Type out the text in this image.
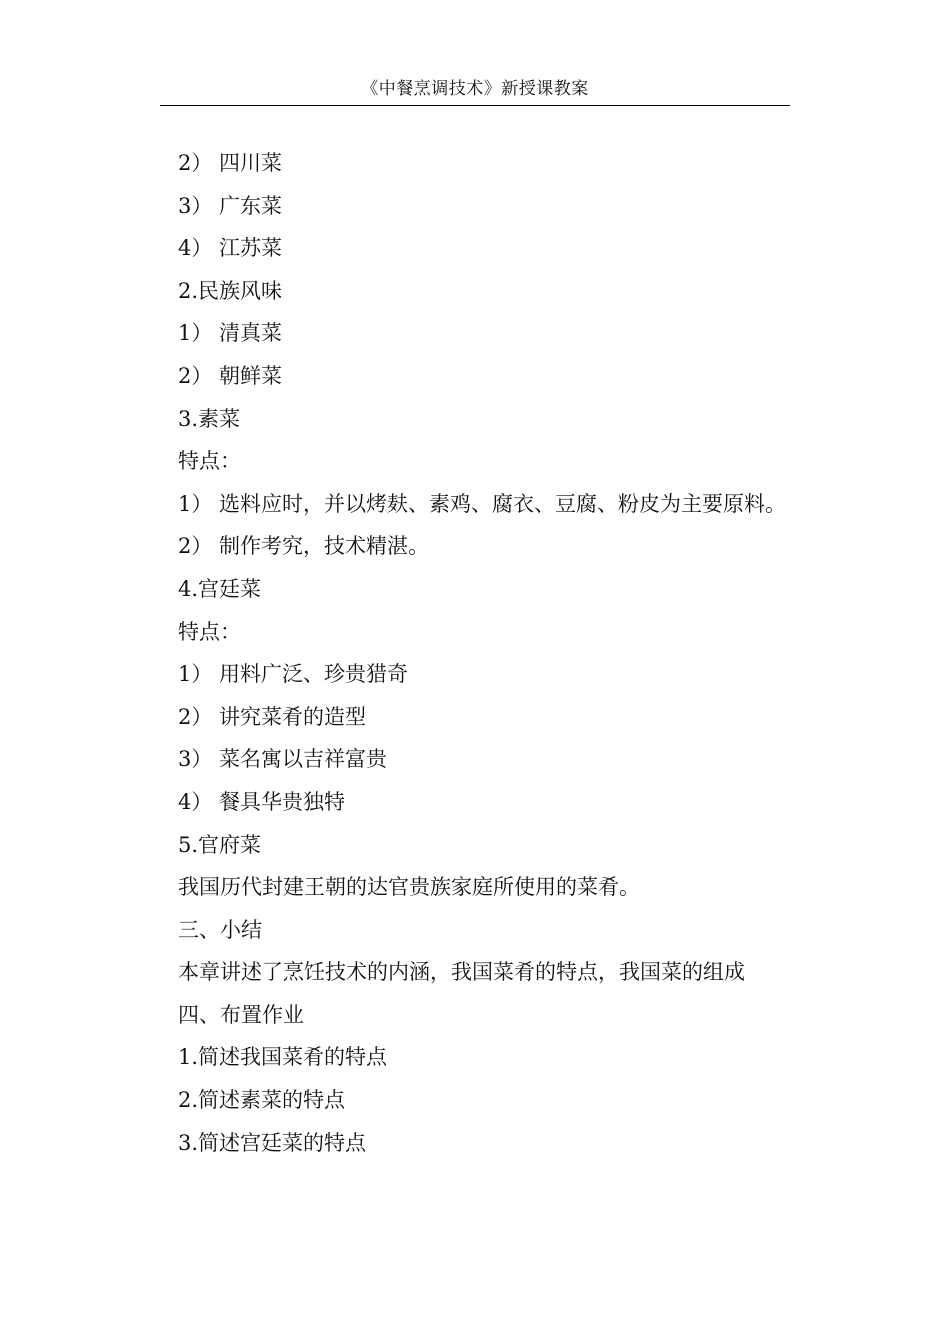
《中餐烹调技术》新授课教案
2） 四川菜
3） 广东菜
4） 江苏菜
2.民族风味
1） 清真菜
2） 朝鲜菜
3.素菜
特点：
1） 选料应时，并以烤麸、素鸡、腐衣、豆腐、粉皮为主要原料。
2） 制作考究，技术精湛。
4.宫廷菜
特点：
1） 用料广泛、珍贵猎奇
2） 讲究菜肴的造型
3） 菜名寓以吉祥富贵
4） 餐具华贵独特
5.官府菜
我国历代封建王朝的达官贵族家庭所使用的菜肴。
三、小结
本章讲述了烹饪技术的内涵，我国菜肴的特点，我国菜的组成
四、布置作业
1.简述我国菜肴的特点
2.简述素菜的特点
3.简述宫廷菜的特点
